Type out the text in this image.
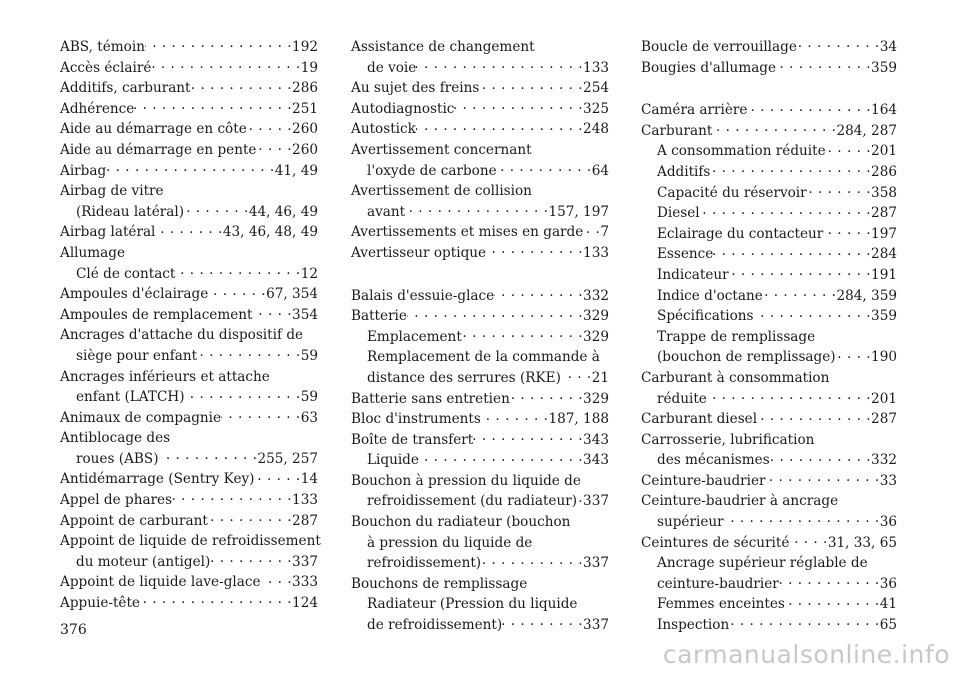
ABS, témoin . . .	192
Accès éclairé . . .	19
Additifs, carburant . . .	286
Adhérence . . .	251
Aide au démarrage en côte . . .	260
Aide au démarrage en pente . . .	260
Airbag . . .	41, 49
Airbag de vitre
(Rideau latéral) . . .	44, 46, 49
Airbag latéral . . .	43, 46, 48, 49
Allumage
Clé de contact . . .	12
Ampoules d'éclairage . . .	67, 354
Ampoules de remplacement . . .	354
Ancrages d'attache du dispositif de
siège pour enfant . . .	59
Ancrages inférieurs et attache
enfant (LATCH) . . .	59
Animaux de compagnie . . .	63
Antiblocage des
roues (ABS) . . .	255, 257
Antidémarrage (Sentry Key) . . .	14
Appel de phares . . .	133
Appoint de carburant . . .	287
Appoint de liquide de refroidissement
du moteur (antigel) . . .	337
Appoint de liquide lave-glace . . . 333
Appuie-tête . . .	124
Assistance de changement
de voie . . .	133
Au sujet des freins . . .	254
Autodiagnostic . . .	325
Autostick . . .	248
Avertissement concernant
l'oxyde de carbone . . .	64
Avertissement de collision
avant . . .	157, 197
Avertissements et mises en garde . . . 7
Avertisseur optique . . .	133
Balais d'essuie-glace . . .	332
Batterie . . .	329
Emplacement . . .	329
Remplacement de la commande à
distance des serrures (RKE) . . . 21
Batterie sans entretien . . .	329
Bloc d'instruments . . .	187, 188
Boîte de transfert . . .	343
Liquide . . .	343
Bouchon à pression du liquide de
refroidissement (du radiateur) . . . 337
Bouchon du radiateur (bouchon
à pression du liquide de
refroidissement) . . .	337
Bouchons de remplissage
Radiateur (Pression du liquide
de refroidissement) . . .	337
Boucle de verrouillage . . .	34
Bougies d'allumage . . .	359
Caméra arrière . . .	164
Carburant . . .	284, 287
A consommation réduite . . .	201
Additifs . . .	286
Capacité du réservoir . . .	358
Diesel . . .	287
Eclairage du contacteur . . .	197
Essence . . .	284
Indicateur . . .	191
Indice d'octane . . .	284, 359
Spécifications . . .	359
Trappe de remplissage
(bouchon de remplissage) . . .	190
Carburant à consommation
réduite . . .	201
Carburant diesel . . .	287
Carrosserie, lubrification
des mécanismes . . .	332
Ceinture-baudrier . . .	33
Ceinture-baudrier à ancrage
supérieur . . .	36
Ceintures de sécurité . . .	31, 33, 65
Ancrage supérieur réglable de
ceinture-baudrier . . .	36
Femmes enceintes . . .	41
Inspection . . .	65
376
carmanualsonline.info
